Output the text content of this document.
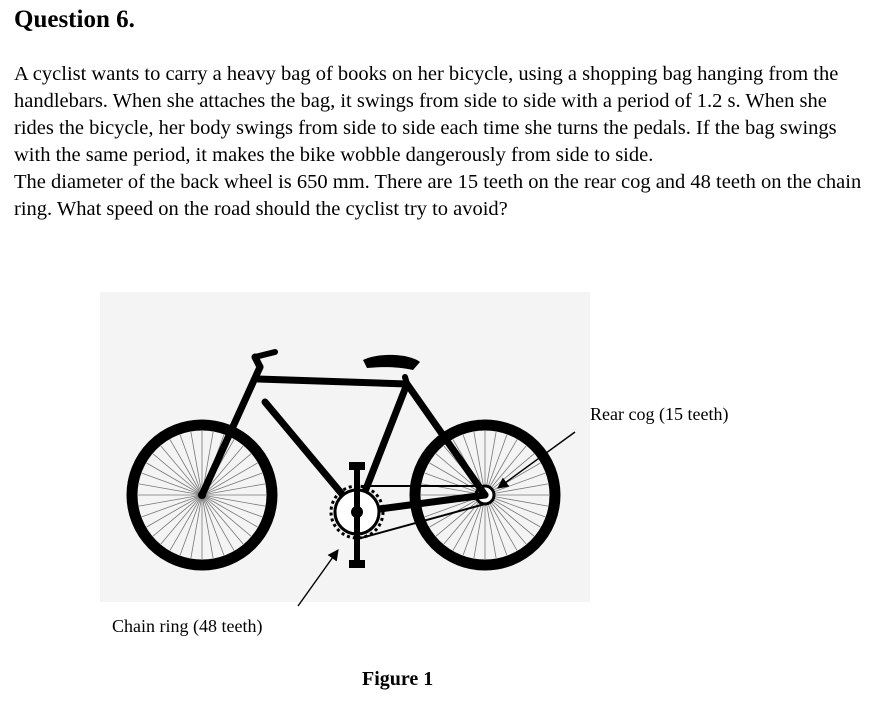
Question 6.

A cyclist wants to carry a heavy bag of books on her bicycle, using a shopping bag hanging from the handlebars. When she attaches the bag, it swings from side to side with a period of 1.2 s. When she rides the bicycle, her body swings from side to side each time she turns the pedals. If the bag swings with the same period, it makes the bike wobble dangerously from side to side.

The diameter of the back wheel is 650 mm. There are 15 teeth on the rear cog and 48 teeth on the chain ring. What speed on the road should the cyclist try to avoid?

Rear cog (15 teeth)
Chain ring (48 teeth)
Figure 1
